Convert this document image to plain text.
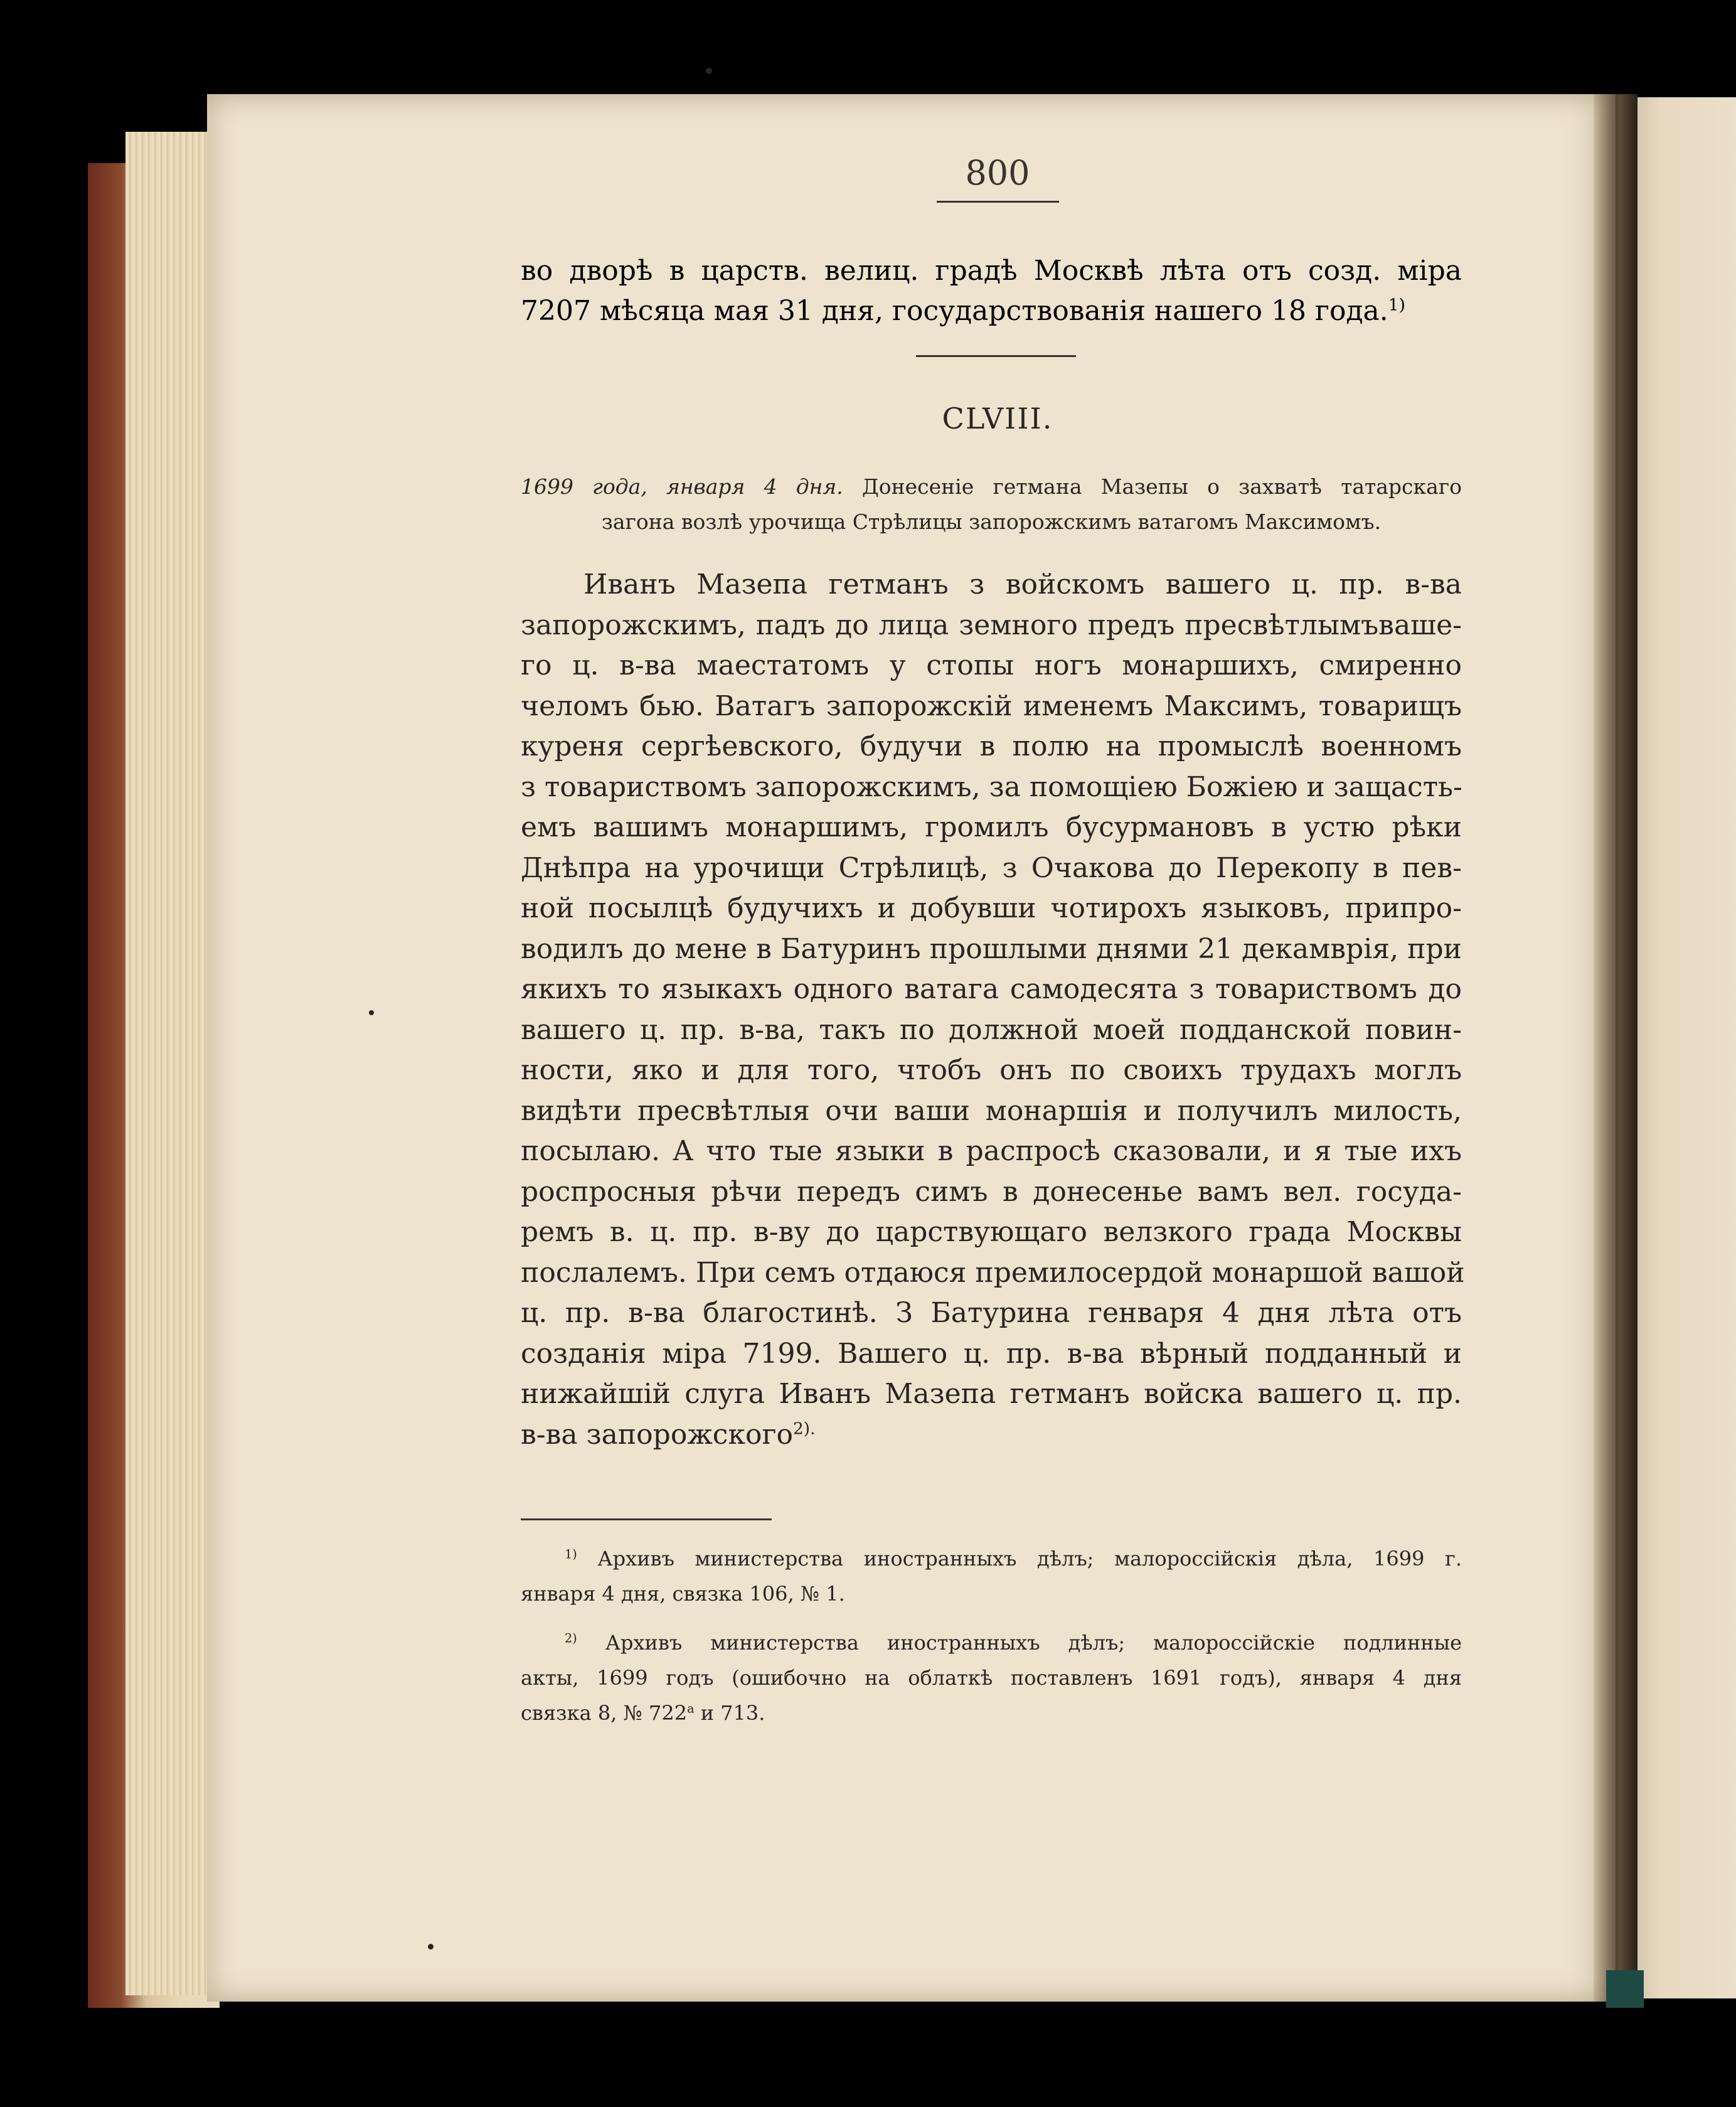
800
во дворѣ в царств. велиц. градѣ Москвѣ лѣта отъ созд. міра
7207 мѣсяца мая 31 дня, государствованія нашего 18 года.$^{1)}$
CLVIII.
1699 года, января 4 дня. Донесеніе гетмана Мазепы о захватѣ татарскаго
загона возлѣ урочища Стрѣлицы запорожскимъ ватагомъ Максимомъ.
Иванъ Мазепа гетманъ з войскомъ вашего ц. пр. в-ва
запорожскимъ, падъ до лица земного предъ пресвѣтлымъваше-
го ц. в-ва маестатомъ у стопы ногъ монаршихъ, смиренно
челомъ бью. Ватагъ запорожскій именемъ Максимъ, товарищъ
куреня сергѣевского, будучи в полю на промыслѣ военномъ
з товариствомъ запорожскимъ, за помощіею Божіею и защасть-
емъ вашимъ монаршимъ, громилъ бусурмановъ в устю рѣки
Днѣпра на урочищи Стрѣлицѣ, з Очакова до Перекопу в пев-
ной посылцѣ будучихъ и добувши чотирохъ языковъ, припро-
водилъ до мене в Батуринъ прошлыми днями 21 декамврія, при
якихъ то языкахъ одного ватага самодесята з товариствомъ до
вашего ц. пр. в-ва, такъ по должной моей подданской повин-
ности, яко и для того, чтобъ онъ по своихъ трудахъ моглъ
видѣти пресвѣтлыя очи ваши монаршія и получилъ милость,
посылаю. А что тые языки в распросѣ сказовали, и я тые ихъ
роспросныя рѣчи передъ симъ в донесенье вамъ вел. госуда-
ремъ в. ц. пр. в-ву до царствующаго велзкого града Москвы
послалемъ. При семъ отдаюся премилосердой монаршой вашой
ц. пр. в-ва благостинѣ. З Батурина генваря 4 дня лѣта отъ
созданія міра 7199. Вашего ц. пр. в-ва вѣрный подданный и
нижайшій слуга Иванъ Мазепа гетманъ войска вашего ц. пр.
в-ва запорожского$^{2).}$
$^{1)}$ Архивъ министерства иностранныхъ дѣлъ; малороссійскія дѣла, 1699 г.
января 4 дня, связка 106, № 1.
$^{2)}$ Архивъ министерства иностранныхъ дѣлъ; малороссійскіе подлинные
акты, 1699 годъ (ошибочно на облаткѣ поставленъ 1691 годъ), января 4 дня
связка 8, № $722^а$ и 713.
